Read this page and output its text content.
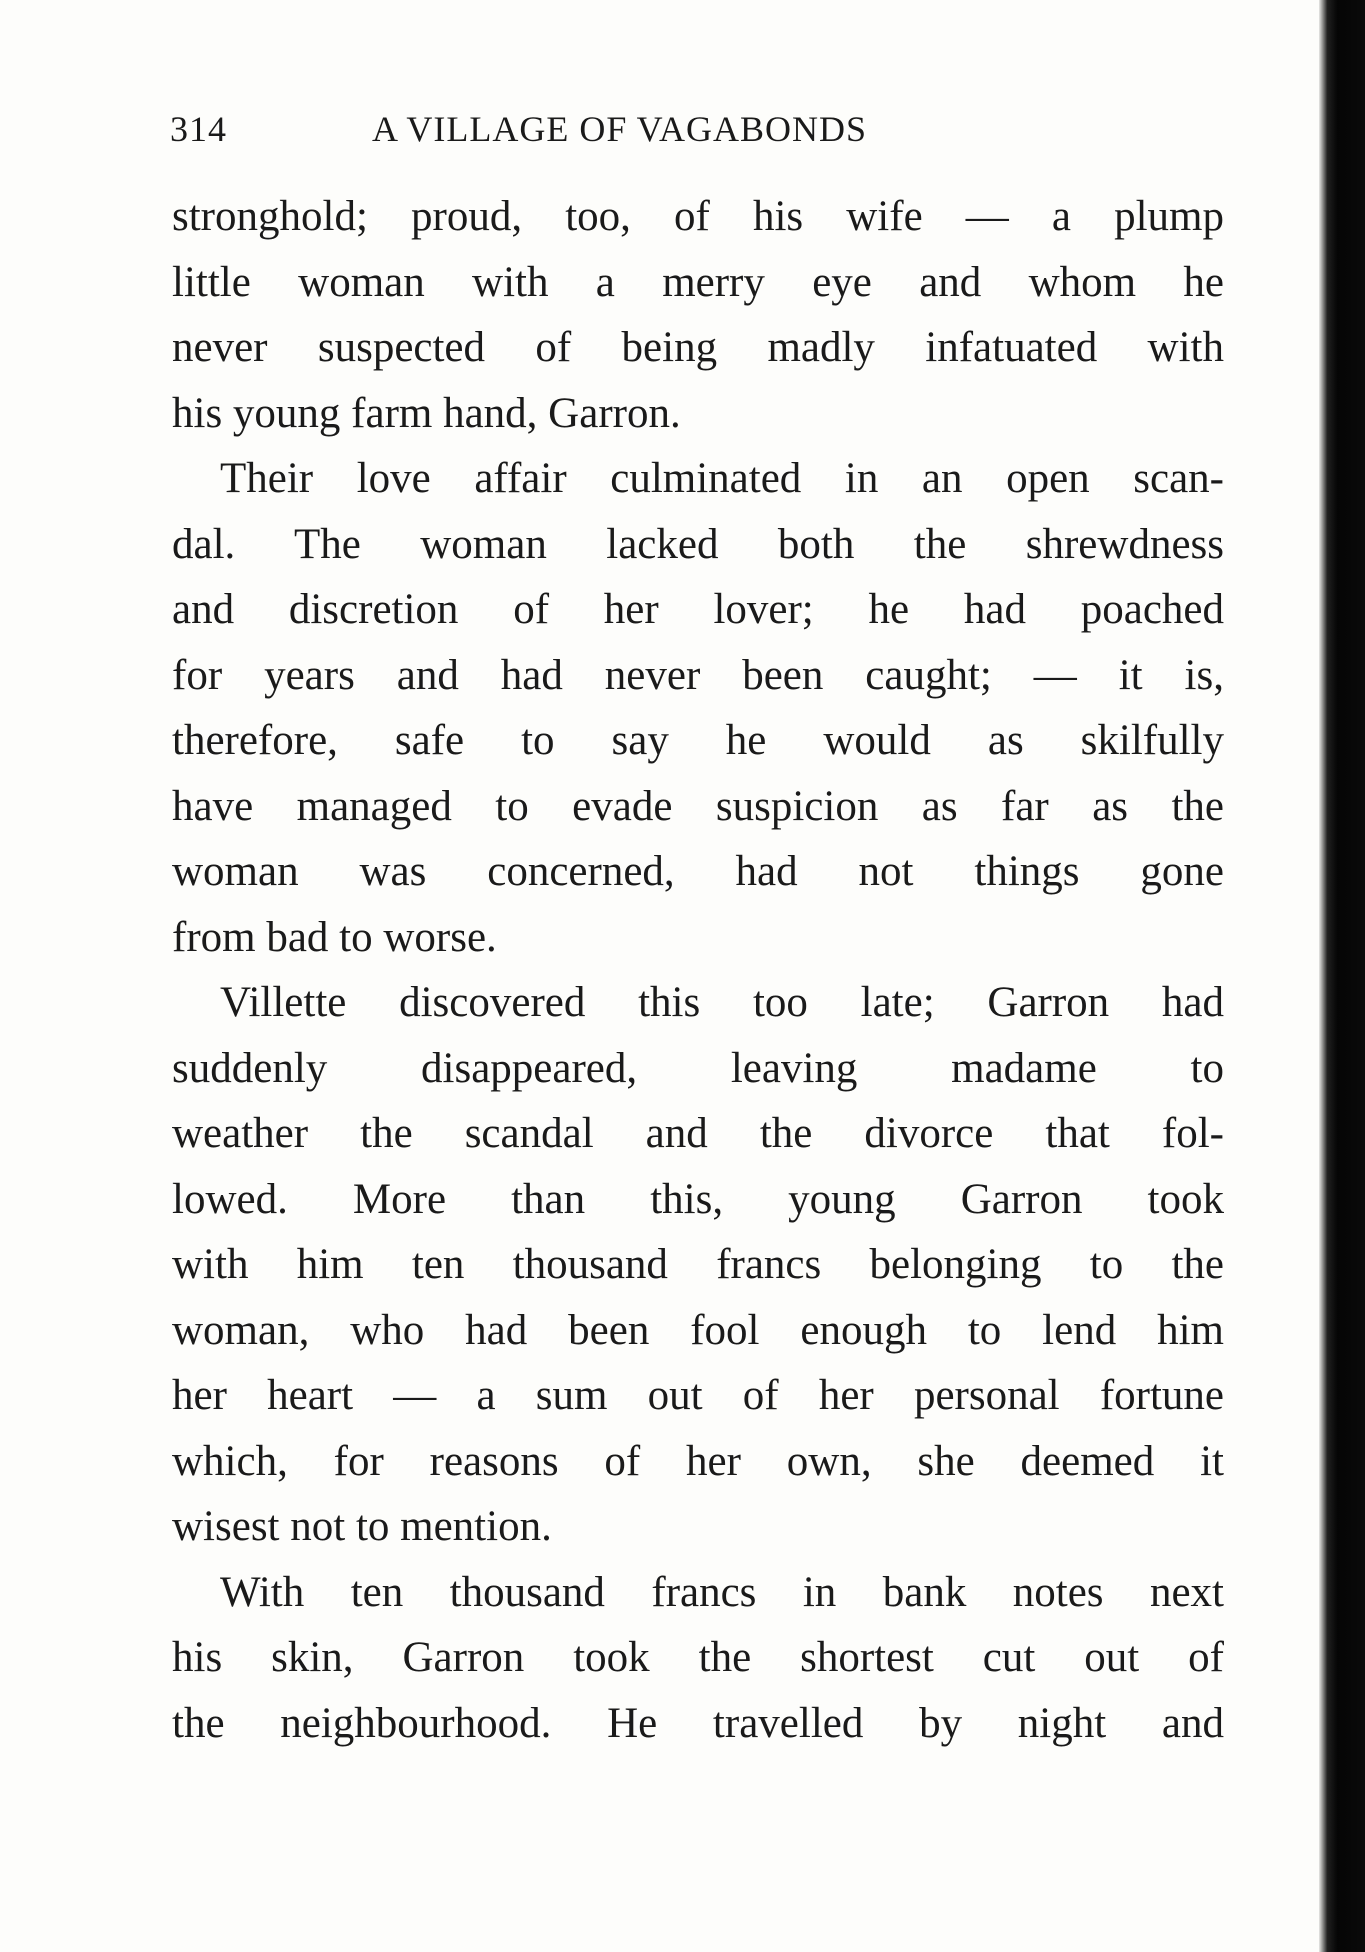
314	A VILLAGE OF VAGABONDS

stronghold; proud, too, of his wife — a plump
little woman with a merry eye and whom he
never suspected of being madly infatuated with
his young farm hand, Garron.

Their love affair culminated in an open scan-
dal. The woman lacked both the shrewdness
and discretion of her lover; he had poached
for years and had never been caught; — it is,
therefore, safe to say he would as skilfully
have managed to evade suspicion as far as the
woman was concerned, had not things gone
from bad to worse.

Villette discovered this too late; Garron had
suddenly disappeared, leaving madame to
weather the scandal and the divorce that fol-
lowed. More than this, young Garron took
with him ten thousand francs belonging to the
woman, who had been fool enough to lend him
her heart — a sum out of her personal fortune
which, for reasons of her own, she deemed it
wisest not to mention.

With ten thousand francs in bank notes next
his skin, Garron took the shortest cut out of
the neighbourhood. He travelled by night and
